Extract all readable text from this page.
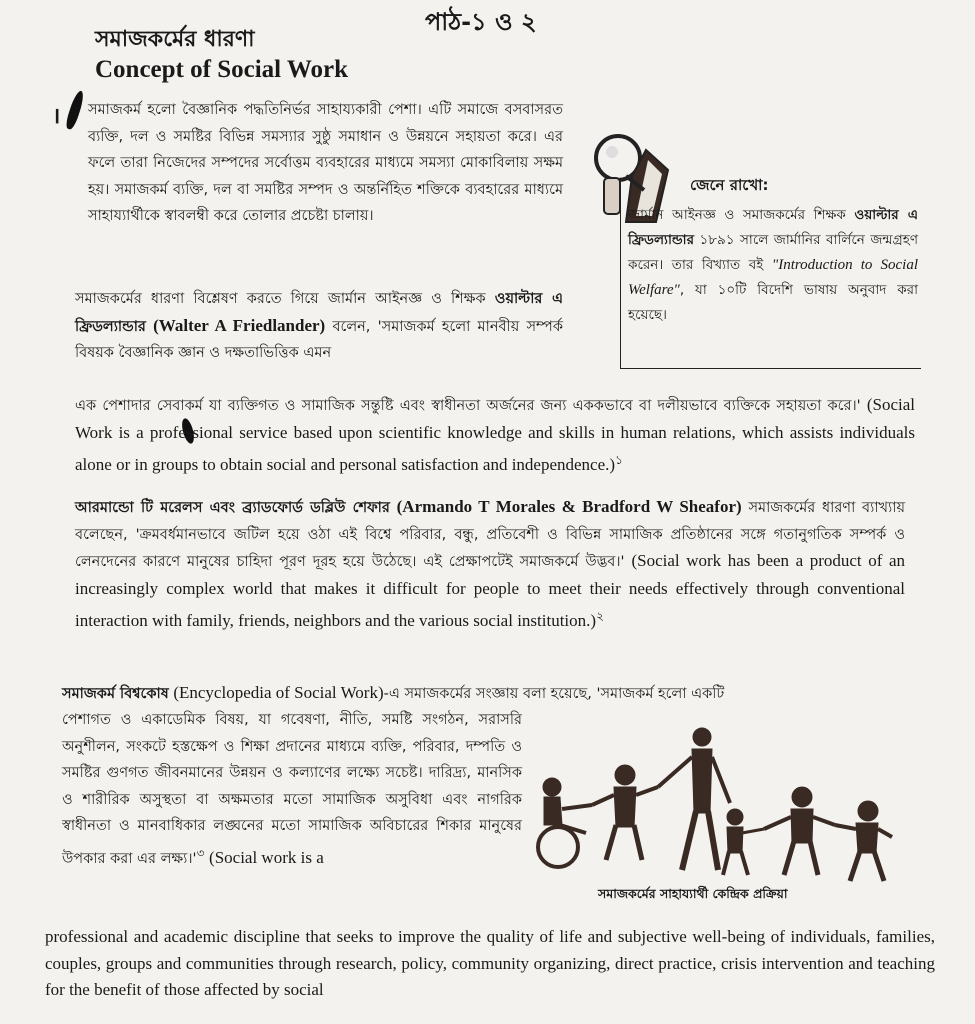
পাঠ-১ ও ২
সমাজকর্মের ধারণা
Concept of Social Work
। সমাজকর্ম হলো বৈজ্ঞানিক পদ্ধতিনির্ভর সাহায্যকারী পেশা। এটি সমাজে বসবাসরত ব্যক্তি, দল ও সমষ্টির বিভিন্ন সমস্যার সুষ্ঠু সমাধান ও উন্নয়নে সহায়তা করে। এর ফলে তারা নিজেদের সম্পদের সর্বোত্তম ব্যবহারের মাধ্যমে সমস্যা মোকাবিলায় সক্ষম হয়। সমাজকর্ম ব্যক্তি, দল বা সমষ্টির সম্পদ ও অন্তর্নিহিত শক্তিকে ব্যবহারের মাধ্যমে সাহায্যার্থীকে স্বাবলম্বী করে তোলার প্রচেষ্টা চালায়।
সমাজকর্মের ধারণা বিশ্লেষণ করতে গিয়ে জার্মান আইনজ্ঞ ও শিক্ষক ওয়াল্টার এ ফ্রিডল্যান্ডার (Walter A Friedlander) বলেন, 'সমাজকর্ম হলো মানবীয় সম্পর্ক বিষয়ক বৈজ্ঞানিক জ্ঞান ও দক্ষতাভিত্তিক এমন
এক পেশাদার সেবাকর্ম যা ব্যক্তিগত ও সামাজিক সন্তুষ্টি এবং স্বাধীনতা অর্জনের জন্য এককভাবে বা দলীয়ভাবে ব্যক্তিকে সহায়তা করে।' (Social Work is a professional service based upon scientific knowledge and skills in human relations, which assists individuals alone or in groups to obtain social and personal satisfaction and independence.)$^১$
আরমান্ডো টি মরেলস এবং ব্র্যাডফোর্ড ডব্লিউ শেফার (Armando T Morales & Bradford W Sheafor) সমাজকর্মের ধারণা ব্যাখ্যায় বলেছেন, 'ক্রমবর্ধমানভাবে জটিল হয়ে ওঠা এই বিশ্বে পরিবার, বন্ধু, প্রতিবেশী ও বিভিন্ন সামাজিক প্রতিষ্ঠানের সঙ্গে গতানুগতিক সম্পর্ক ও লেনদেনের কারণে মানুষের চাহিদা পূরণ দূরহ হয়ে উঠেছে। এই প্রেক্ষাপটেই সমাজকর্মে উদ্ভব।' (Social work has been a product of an increasingly complex world that makes it difficult for people to meet their needs effectively through conventional interaction with family, friends, neighbors and the various social institution.)$^২$
সমাজকর্ম বিশ্বকোষ (Encyclopedia of Social Work)-এ সমাজকর্মের সংজ্ঞায় বলা হয়েছে, 'সমাজকর্ম হলো একটি
পেশাগত ও একাডেমিক বিষয়, যা গবেষণা, নীতি, সমষ্টি সংগঠন, সরাসরি অনুশীলন, সংকটে হস্তক্ষেপ ও শিক্ষা প্রদানের মাধ্যমে ব্যক্তি, পরিবার, দম্পতি ও সমষ্টির গুণগত জীবনমানের উন্নয়ন ও কল্যাণের লক্ষ্যে সচেষ্ট। দারিদ্র্য, মানসিক ও শারীরিক অসুস্থতা বা অক্ষমতার মতো সামাজিক অসুবিধা এবং নাগরিক স্বাধীনতা ও মানবাধিকার লঙ্ঘনের মতো সামাজিক অবিচারের শিকার মানুষের উপকার করা এর $লক্ষ্য।'^৩$ (Social work is a
professional and academic discipline that seeks to improve the quality of life and subjective well-being of individuals, families, couples, groups and communities through research, policy, community organizing, direct practice, crisis intervention and teaching for the benefit of those affected by social
জেনে রাখো:
জার্মান আইনজ্ঞ ও সমাজকর্মের শিক্ষক ওয়াল্টার এ ফ্রিডল্যান্ডার ১৮৯১ সালে জার্মানির বার্লিনে জন্মগ্রহণ করেন। তার বিখ্যাত বই "Introduction to Social Welfare", যা ১০টি বিদেশি ভাষায় অনুবাদ করা হয়েছে।
সমাজকর্মের সাহায্যার্থী কেন্দ্রিক প্রক্রিয়া
